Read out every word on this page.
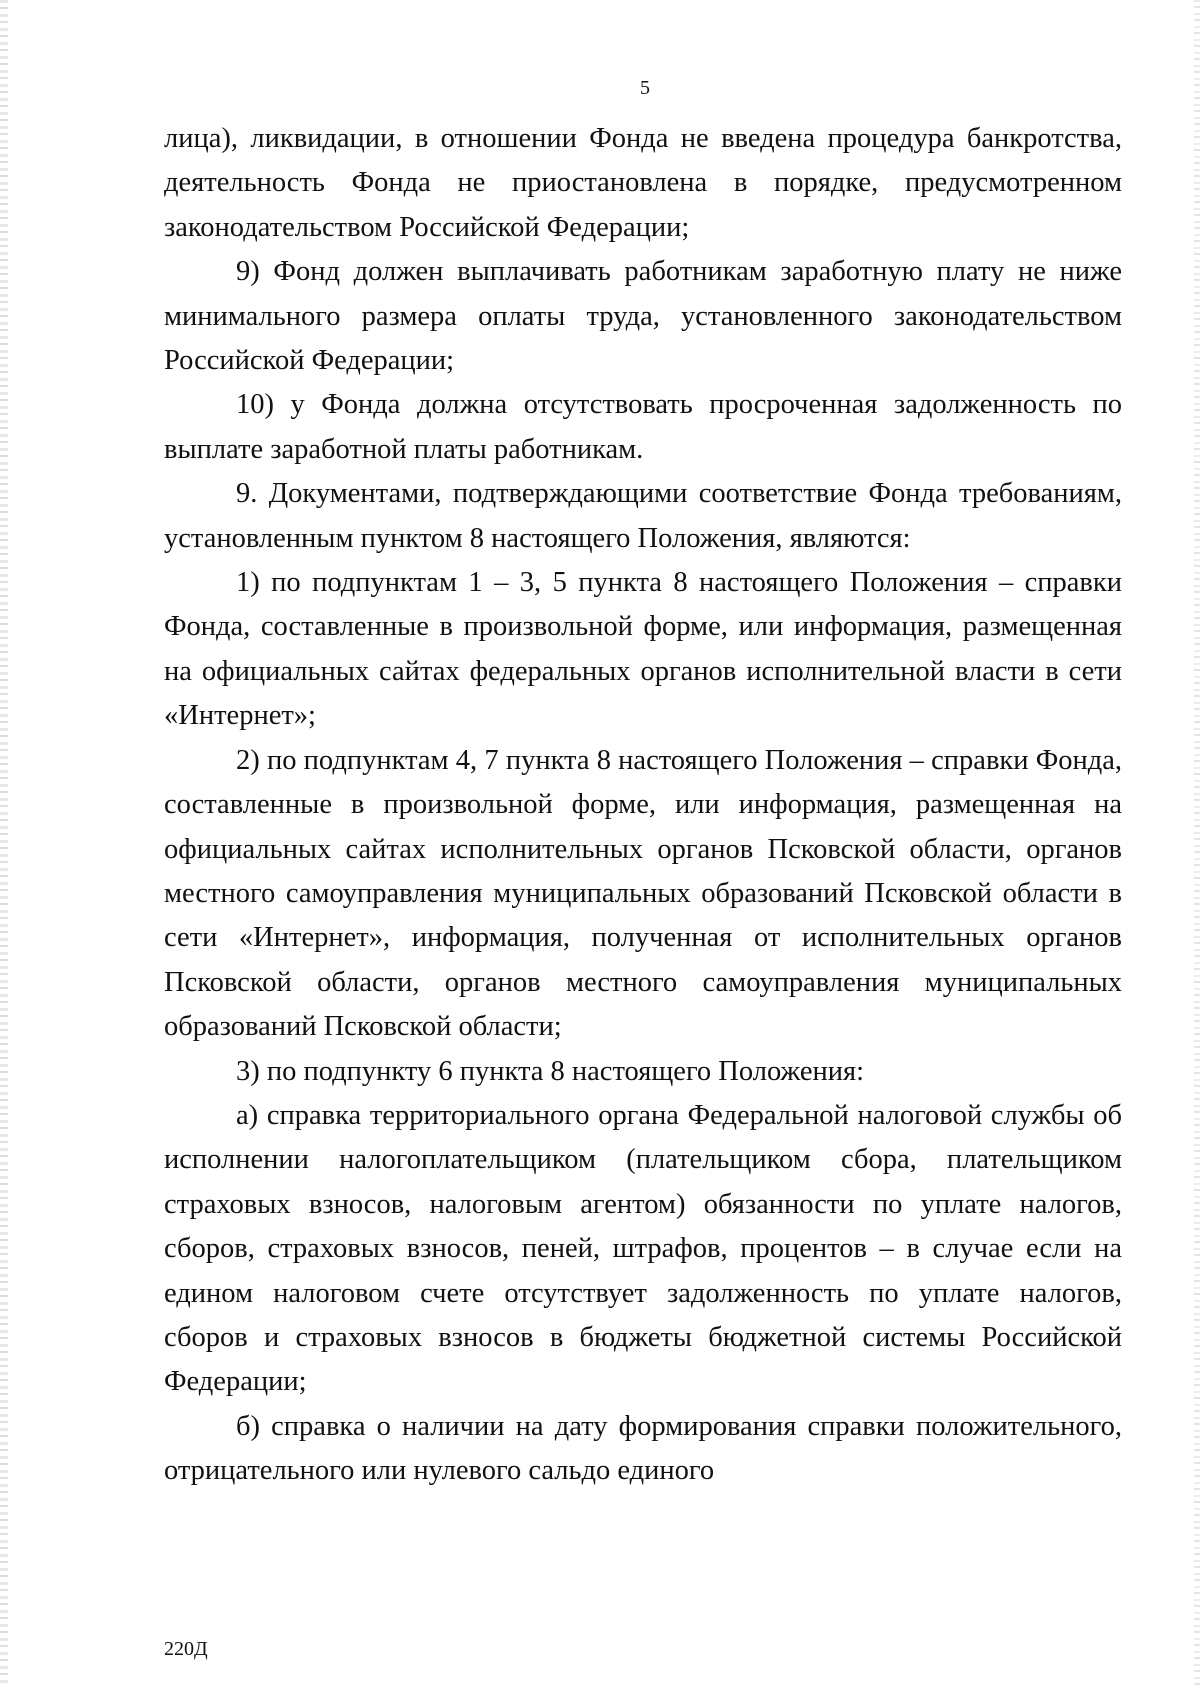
5

лица), ликвидации, в отношении Фонда не введена процедура банкротства, деятельность Фонда не приостановлена в порядке, предусмотренном законодательством Российской Федерации;

9) Фонд должен выплачивать работникам заработную плату не ниже минимального размера оплаты труда, установленного законодательством Российской Федерации;

10) у Фонда должна отсутствовать просроченная задолженность по выплате заработной платы работникам.

9. Документами, подтверждающими соответствие Фонда требованиям, установленным пунктом 8 настоящего Положения, являются:

1) по подпунктам 1 – 3, 5 пункта 8 настоящего Положения – справки Фонда, составленные в произвольной форме, или информация, размещенная на официальных сайтах федеральных органов исполнительной власти в сети «Интернет»;

2) по подпунктам 4, 7 пункта 8 настоящего Положения – справки Фонда, составленные в произвольной форме, или информация, размещенная на официальных сайтах исполнительных органов Псковской области, органов местного самоуправления муниципальных образований Псковской области в сети «Интернет», информация, полученная от исполнительных органов Псковской области, органов местного самоуправления муниципальных образований Псковской области;

3) по подпункту 6 пункта 8 настоящего Положения:

а) справка территориального органа Федеральной налоговой службы об исполнении налогоплательщиком (плательщиком сбора, плательщиком страховых взносов, налоговым агентом) обязанности по уплате налогов, сборов, страховых взносов, пеней, штрафов, процентов – в случае если на едином налоговом счете отсутствует задолженность по уплате налогов, сборов и страховых взносов в бюджеты бюджетной системы Российской Федерации;

б) справка о наличии на дату формирования справки положительного, отрицательного или нулевого сальдо единого

220Д
